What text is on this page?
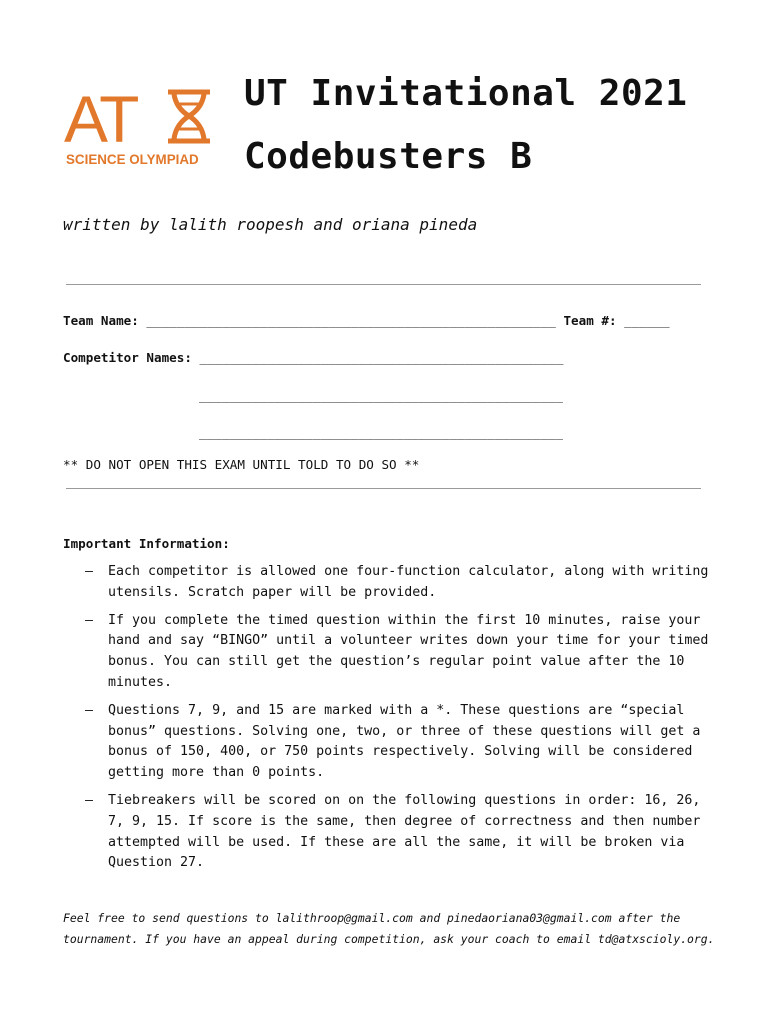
AT
SCIENCE OLYMPIAD
UT Invitational 2021
Codebusters B
written by lalith roopesh and oriana pineda
Team Name: ______________________________________________________ Team #: ______
Competitor Names: ________________________________________________
________________________________________________
________________________________________________
** DO NOT OPEN THIS EXAM UNTIL TOLD TO DO SO **
Important Information:
– Each competitor is allowed one four-function calculator, along with writing utensils. Scratch paper will be provided.
– If you complete the timed question within the first 10 minutes, raise your hand and say “BINGO” until a volunteer writes down your time for your timed bonus. You can still get the question’s regular point value after the 10 minutes.
– Questions 7, 9, and 15 are marked with a *. These questions are “special bonus” questions. Solving one, two, or three of these questions will get a bonus of 150, 400, or 750 points respectively. Solving will be considered getting more than 0 points.
– Tiebreakers will be scored on on the following questions in order: 16, 26, 7, 9, 15. If score is the same, then degree of correctness and then number attempted will be used. If these are all the same, it will be broken via Question 27.
Feel free to send questions to lalithroop@gmail.com and pinedaoriana03@gmail.com after the
tournament. If you have an appeal during competition, ask your coach to email td@atxscioly.org.
